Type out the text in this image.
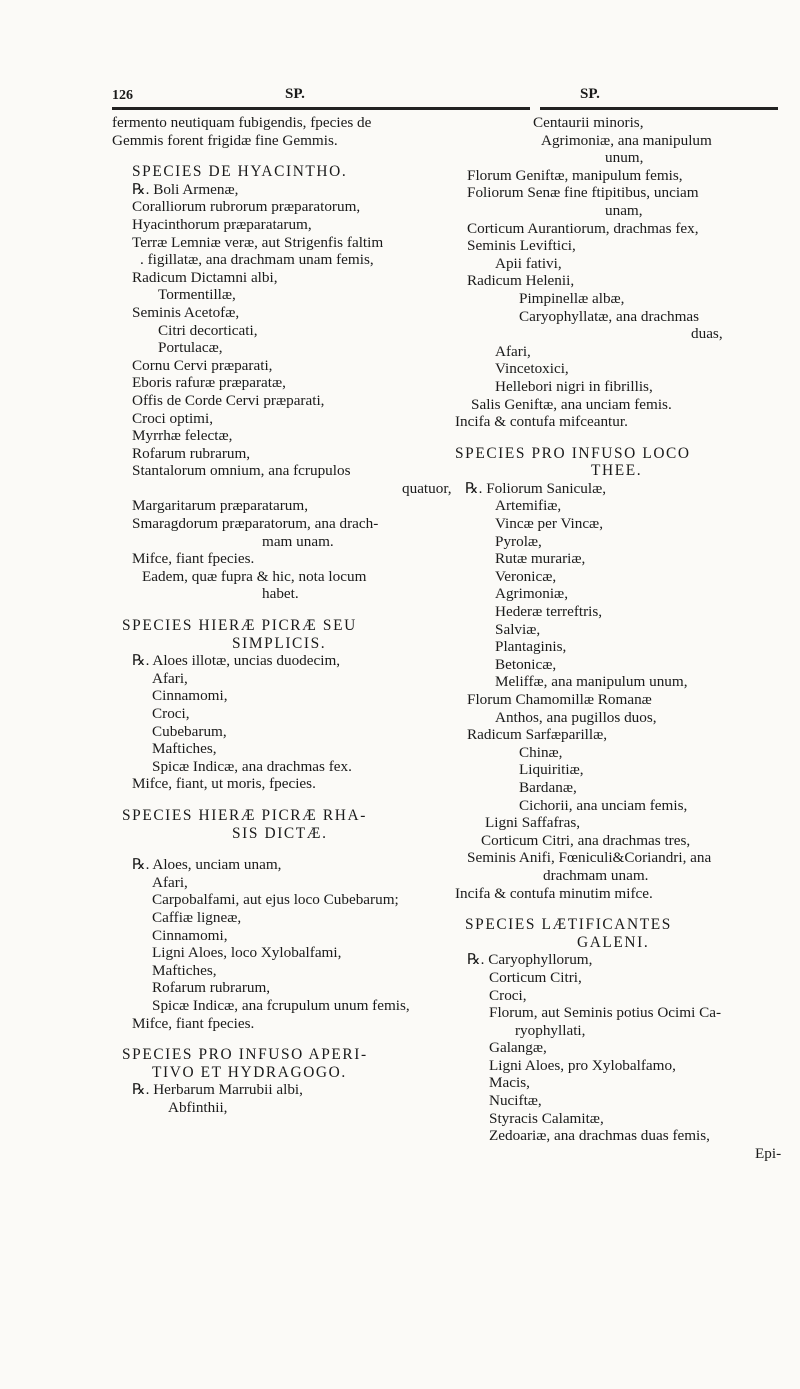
126	SP.	SP.
fermento neutiquam fubigendis, fpecies de
Gemmis forent frigidæ fine Gemmis.
SPECIES DE HYACINTHO.
℞. Boli Armenæ,
Coralliorum rubrorum præparatorum,
Hyacinthorum præparatarum,
Terræ Lemniæ veræ, aut Strigenfis faltim
. figillatæ, ana drachmam unam femis,
Radicum Dictamni albi,
Tormentillæ,
Seminis Acetofæ,
Citri decorticati,
Portulacæ,
Cornu Cervi præparati,
Eboris rafuræ præparatæ,
Offis de Corde Cervi præparati,
Croci optimi,
Myrrhæ felectæ,
Rofarum rubrarum,
Stantalorum omnium, ana fcrupulos
quatuor,
Margaritarum præparatarum,
Smaragdorum præparatorum, ana drach-
mam unam.
Mifce, fiant fpecies.
Eadem, quæ fupra & hic, nota locum
habet.
SPECIES HIERÆ PICRÆ SEU
SIMPLICIS.
℞. Aloes illotæ, uncias duodecim,
Afari,
Cinnamomi,
Croci,
Cubebarum,
Maftiches,
Spicæ Indicæ, ana drachmas fex.
Mifce, fiant, ut moris, fpecies.
SPECIES HIERÆ PICRÆ RHA-
SIS DICTÆ.
℞. Aloes, unciam unam,
Afari,
Carpobalfami, aut ejus loco Cubebarum;
Caffiæ ligneæ,
Cinnamomi,
Ligni Aloes, loco Xylobalfami,
Maftiches,
Rofarum rubrarum,
Spicæ Indicæ, ana fcrupulum unum femis,
Mifce, fiant fpecies.
SPECIES PRO INFUSO APERI-
TIVO ET HYDRAGOGO.
℞. Herbarum Marrubii albi,
Abfinthii,
Centaurii minoris,
Agrimoniæ, ana manipulum
unum,
Florum Geniftæ, manipulum femis,
Foliorum Senæ fine ftipitibus, unciam
unam,
Corticum Aurantiorum, drachmas fex,
Seminis Leviftici,
Apii fativi,
Radicum Helenii,
Pimpinellæ albæ,
Caryophyllatæ, ana drachmas
duas,
Afari,
Vincetoxici,
Hellebori nigri in fibrillis,
Salis Geniftæ, ana unciam femis.
Incifa & contufa mifceantur.
SPECIES PRO INFUSO LOCO
THEE.
℞. Foliorum Saniculæ,
Artemifiæ,
Vincæ per Vincæ,
Pyrolæ,
Rutæ murariæ,
Veronicæ,
Agrimoniæ,
Hederæ terreftris,
Salviæ,
Plantaginis,
Betonicæ,
Meliffæ, ana manipulum unum,
Florum Chamomillæ Romanæ
Anthos, ana pugillos duos,
Radicum Sarfæparillæ,
Chinæ,
Liquiritiæ,
Bardanæ,
Cichorii, ana unciam femis,
Ligni Saffafras,
Corticum Citri, ana drachmas tres,
Seminis Anifi, Fœniculi&Coriandri, ana
drachmam unam.
Incifa & contufa minutim mifce.
SPECIES LÆTIFICANTES
GALENI.
℞. Caryophyllorum,
Corticum Citri,
Croci,
Florum, aut Seminis potius Ocimi Ca-
ryophyllati,
Galangæ,
Ligni Aloes, pro Xylobalfamo,
Macis,
Nuciftæ,
Styracis Calamitæ,
Zedoariæ, ana drachmas duas femis,
Epi-
